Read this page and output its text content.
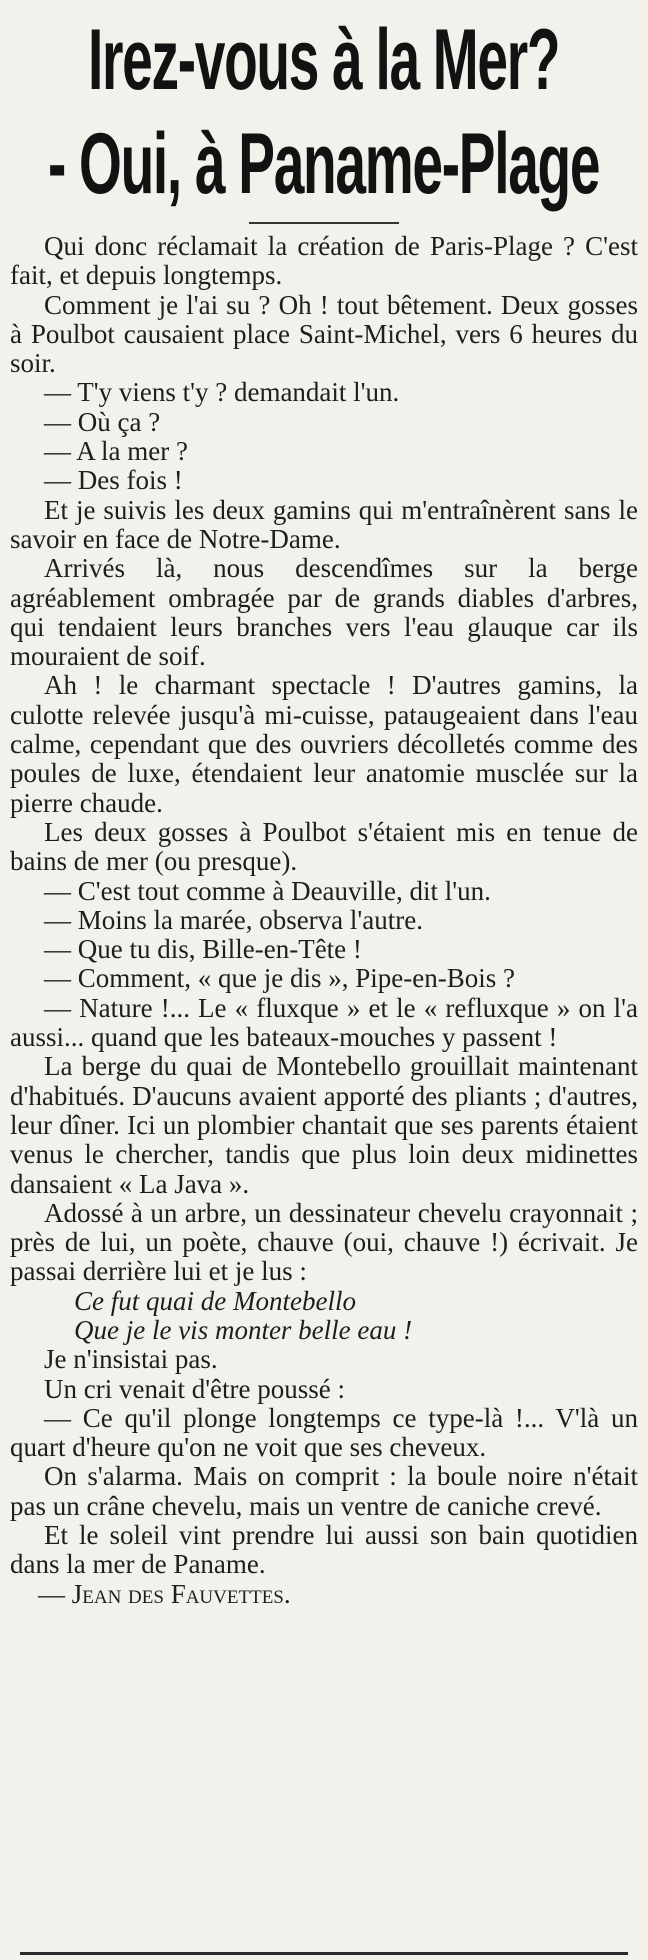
Irez-vous à la Mer?
- Oui, à Paname-Plage

Qui donc réclamait la création de Paris-Plage ? C'est fait, et depuis longtemps.

Comment je l'ai su ? Oh ! tout bêtement. Deux gosses à Poulbot causaient place Saint-Michel, vers 6 heures du soir.

— T'y viens t'y ? demandait l'un.

— Où ça ?

— A la mer ?

— Des fois !

Et je suivis les deux gamins qui m'entraînèrent sans le savoir en face de Notre-Dame.

Arrivés là, nous descendîmes sur la berge agréablement ombragée par de grands diables d'arbres, qui tendaient leurs branches vers l'eau glauque car ils mouraient de soif.

Ah ! le charmant spectacle ! D'autres gamins, la culotte relevée jusqu'à mi-cuisse, pataugeaient dans l'eau calme, cependant que des ouvriers décolletés comme des poules de luxe, étendaient leur anatomie musclée sur la pierre chaude.

Les deux gosses à Poulbot s'étaient mis en tenue de bains de mer (ou presque).

— C'est tout comme à Deauville, dit l'un.

— Moins la marée, observa l'autre.

— Que tu dis, Bille-en-Tête !

— Comment, « que je dis », Pipe-en-Bois ?

— Nature !... Le « fluxque » et le « refluxque » on l'a aussi... quand que les bateaux-mouches y passent !

La berge du quai de Montebello grouillait maintenant d'habitués. D'aucuns avaient apporté des pliants ; d'autres, leur dîner. Ici un plombier chantait que ses parents étaient venus le chercher, tandis que plus loin deux midinettes dansaient « La Java ».

Adossé à un arbre, un dessinateur chevelu crayonnait ; près de lui, un poète, chauve (oui, chauve !) écrivait. Je passai derrière lui et je lus :

Ce fut quai de Montebello

Que je le vis monter belle eau !

Je n'insistai pas.

Un cri venait d'être poussé :

— Ce qu'il plonge longtemps ce type-là !... V'là un quart d'heure qu'on ne voit que ses cheveux.

On s'alarma. Mais on comprit : la boule noire n'était pas un crâne chevelu, mais un ventre de caniche crevé.

Et le soleil vint prendre lui aussi son bain quotidien dans la mer de Paname.

— Jean des Fauvettes.
